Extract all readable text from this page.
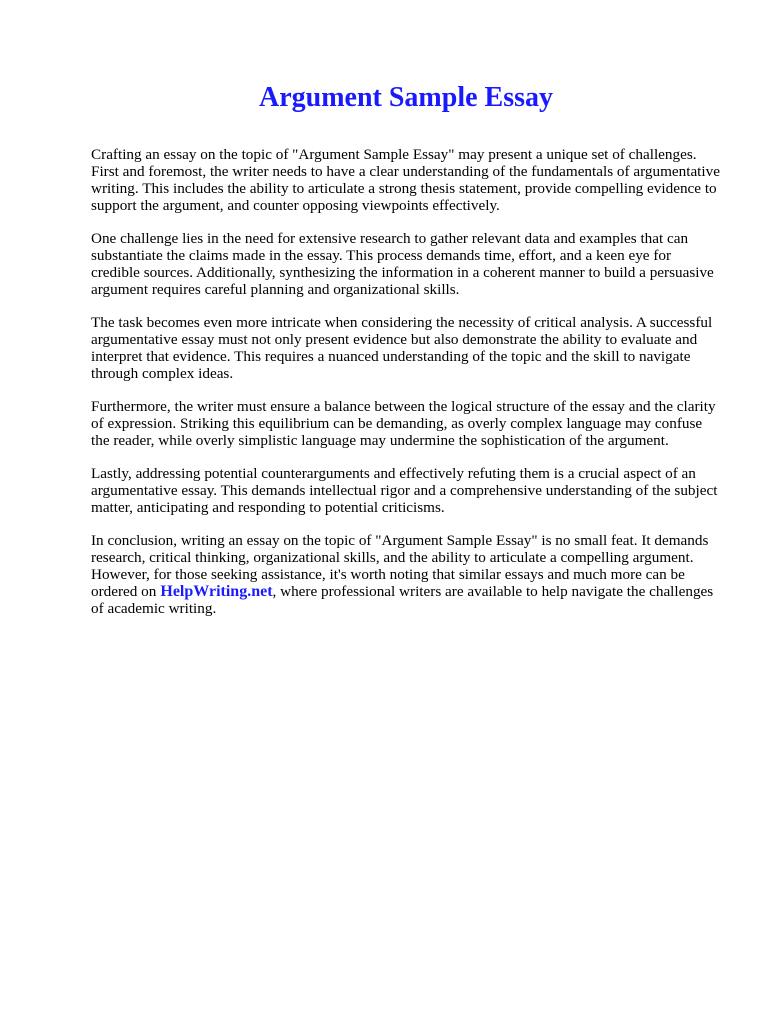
Argument Sample Essay

Crafting an essay on the topic of "Argument Sample Essay" may present a unique set of challenges. First and foremost, the writer needs to have a clear understanding of the fundamentals of argumentative writing. This includes the ability to articulate a strong thesis statement, provide compelling evidence to support the argument, and counter opposing viewpoints effectively.

One challenge lies in the need for extensive research to gather relevant data and examples that can substantiate the claims made in the essay. This process demands time, effort, and a keen eye for credible sources. Additionally, synthesizing the information in a coherent manner to build a persuasive argument requires careful planning and organizational skills.

The task becomes even more intricate when considering the necessity of critical analysis. A successful argumentative essay must not only present evidence but also demonstrate the ability to evaluate and interpret that evidence. This requires a nuanced understanding of the topic and the skill to navigate through complex ideas.

Furthermore, the writer must ensure a balance between the logical structure of the essay and the clarity of expression. Striking this equilibrium can be demanding, as overly complex language may confuse the reader, while overly simplistic language may undermine the sophistication of the argument.

Lastly, addressing potential counterarguments and effectively refuting them is a crucial aspect of an argumentative essay. This demands intellectual rigor and a comprehensive understanding of the subject matter, anticipating and responding to potential criticisms.

In conclusion, writing an essay on the topic of "Argument Sample Essay" is no small feat. It demands research, critical thinking, organizational skills, and the ability to articulate a compelling argument. However, for those seeking assistance, it's worth noting that similar essays and much more can be ordered on HelpWriting.net, where professional writers are available to help navigate the challenges of academic writing.
